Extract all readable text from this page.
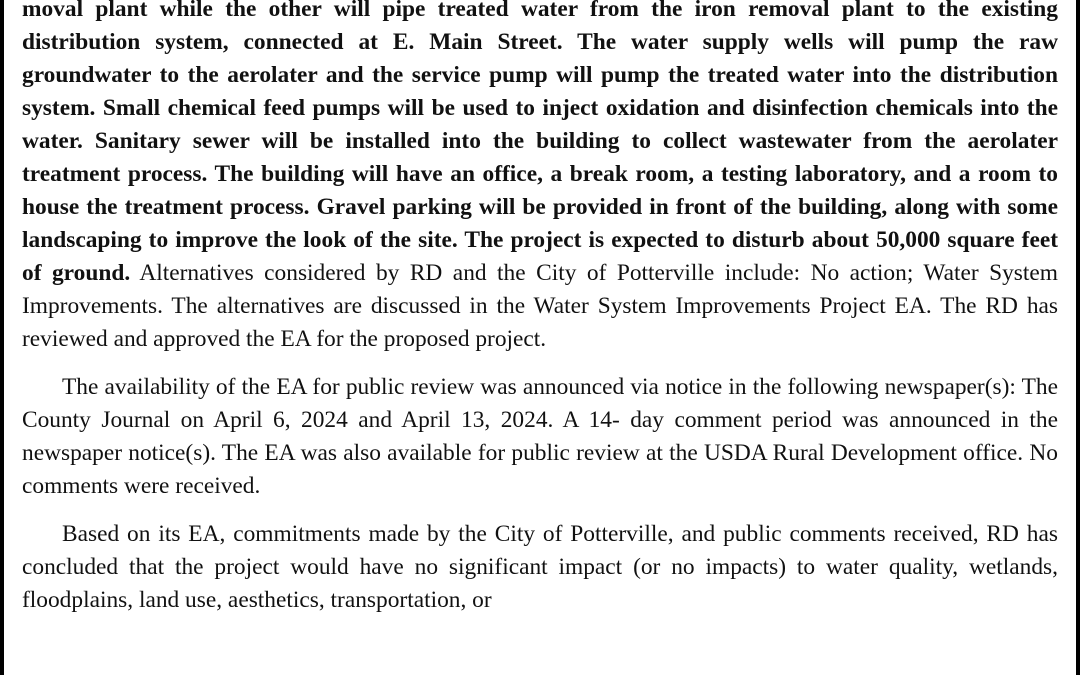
moval plant while the other will pipe treated water from the iron removal plant to the existing distribution system, connected at E. Main Street. The water supply wells will pump the raw groundwater to the aerolater and the service pump will pump the treated water into the distribution system. Small chemical feed pumps will be used to inject oxidation and disinfection chemicals into the water. Sanitary sewer will be installed into the building to collect wastewater from the aerolater treatment process. The building will have an office, a break room, a testing laboratory, and a room to house the treatment process. Gravel parking will be provided in front of the building, along with some landscaping to improve the look of the site. The project is expected to disturb about 50,000 square feet of ground. Alternatives considered by RD and the City of Potterville include: No action; Water System Improvements. The alternatives are discussed in the Water System Improvements Project EA. The RD has reviewed and approved the EA for the proposed project.

The availability of the EA for public review was announced via notice in the following newspaper(s): The County Journal on April 6, 2024 and April 13, 2024. A 14- day comment period was announced in the newspaper notice(s). The EA was also available for public review at the USDA Rural Development office. No comments were received.

Based on its EA, commitments made by the City of Potterville, and public comments received, RD has concluded that the project would have no significant impact (or no impacts) to water quality, wetlands, floodplains, land use, aesthetics, transportation, or
